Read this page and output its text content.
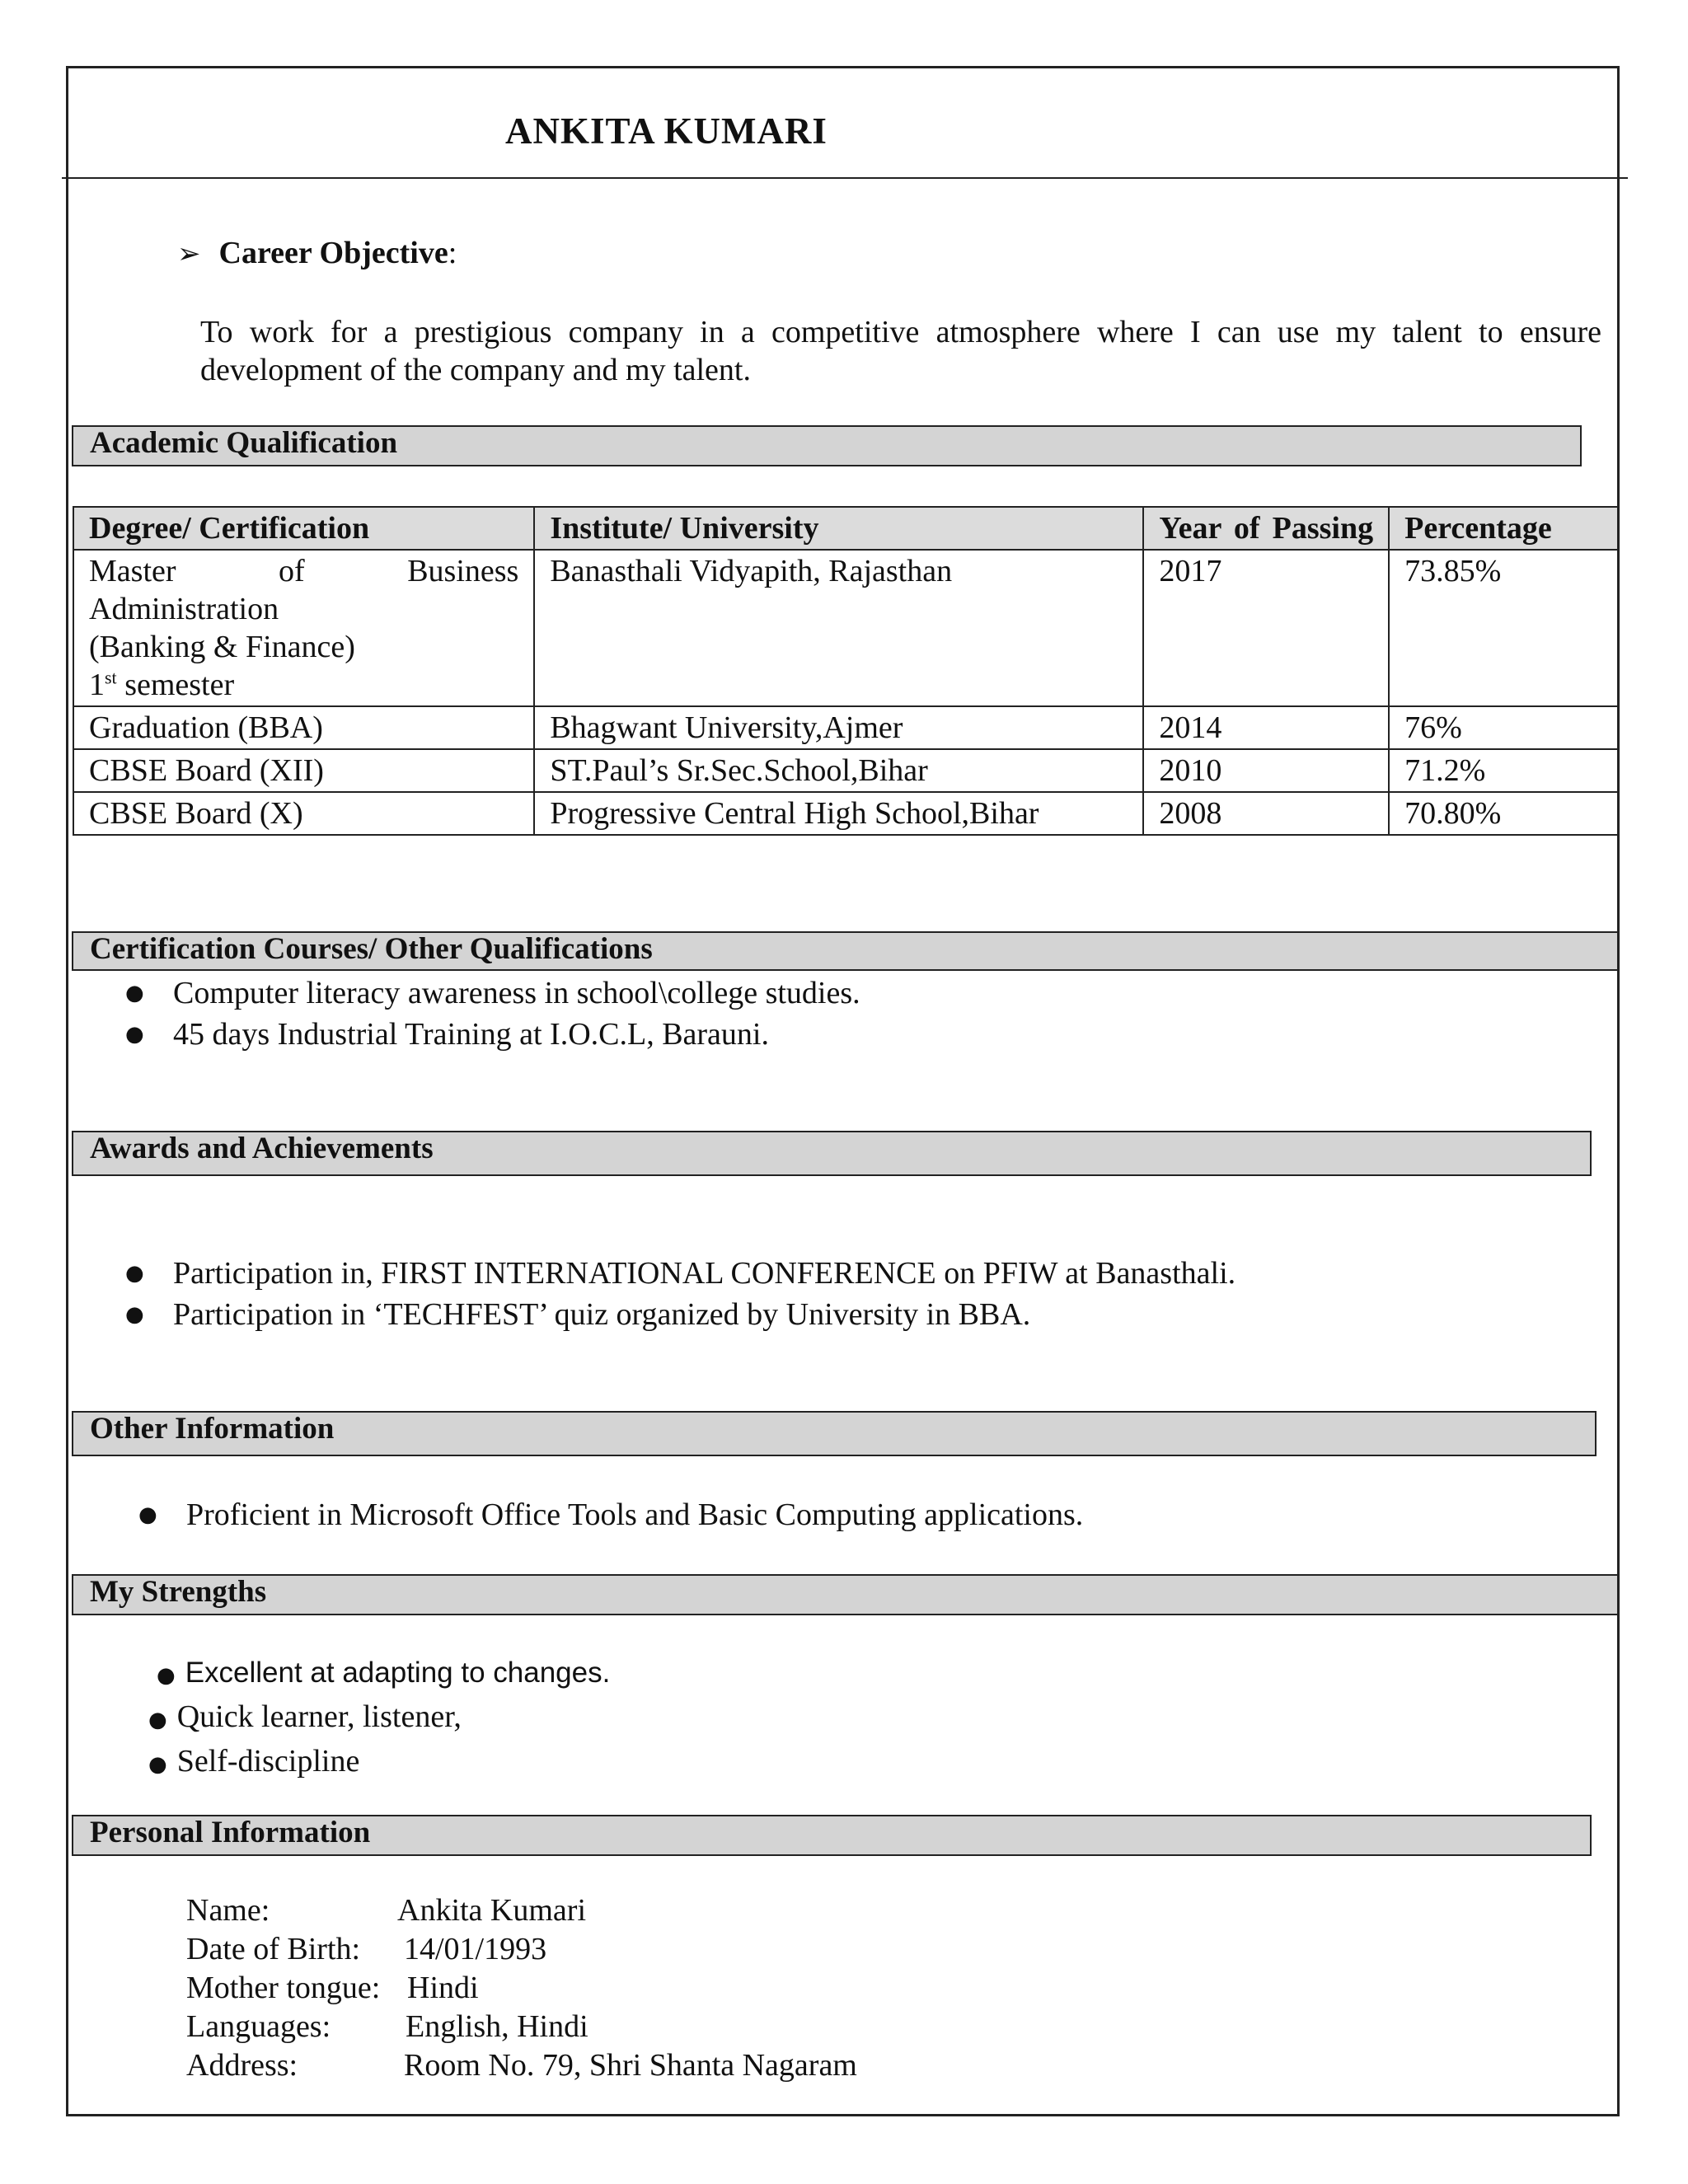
ANKITA KUMARI
➢ Career Objective:
To work for a prestigious company in a competitive atmosphere where I can use my talent to ensure development of the company and my talent.
Academic Qualification
Degree/ Certification	Institute/ University	Year of Passing	Percentage

Master of Business Administration
(Banking & Finance)
1st semester	Banasthali Vidyapith, Rajasthan	2017	73.85%
Graduation (BBA)	Bhagwant University,Ajmer	2014	76%
CBSE Board (XII)	ST.Paul’s Sr.Sec.School,Bihar	2010	71.2%
CBSE Board (X)	Progressive Central High School,Bihar	2008	70.80%
Certification Courses/ Other Qualifications
● Computer literacy awareness in school\college studies.
● 45 days Industrial Training at I.O.C.L, Barauni.
Awards and Achievements
● Participation in, FIRST INTERNATIONAL CONFERENCE on PFIW at Banasthali.
● Participation in ‘TECHFEST’ quiz organized by University in BBA.
Other Information
● Proficient in Microsoft Office Tools and Basic Computing applications.
My Strengths
● Excellent at adapting to changes.
● Quick learner, listener,
● Self-discipline
Personal Information
Name:	Ankita Kumari
Date of Birth: 14/01/1993
Mother tongue: Hindi
Languages: English, Hindi
Address:	Room No. 79, Shri Shanta Nagaram
